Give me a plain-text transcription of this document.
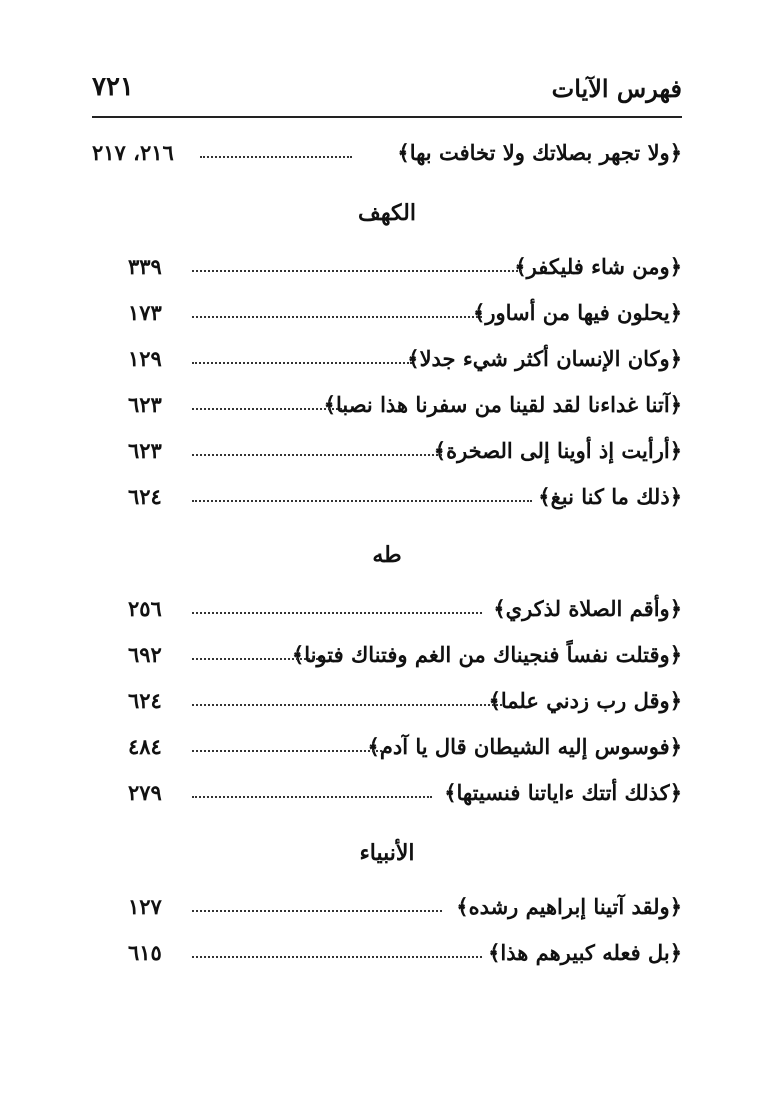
٧٢١	فهرس الآيات
﴿ولا تجهر بصلاتك ولا تخافت بها﴾
٢١٦، ٢١٧
الكهف
﴿ومن شاء فليكفر﴾
٣٣٩
﴿يحلون فيها من أساور﴾
١٧٣
﴿وكان الإنسان أكثر شيء جدلا﴾
١٢٩
﴿آتنا غداءنا لقد لقينا من سفرنا هذا نصبا﴾
٦٢٣
﴿أرأيت إذ أوينا إلى الصخرة﴾
٦٢٣
﴿ذلك ما كنا نبغ﴾
٦٢٤
طه
﴿وأقم الصلاة لذكري﴾
٢٥٦
﴿وقتلت نفساً فنجيناك من الغم وفتناك فتونا﴾
٦٩٢
﴿وقل رب زدني علما﴾
٦٢٤
﴿فوسوس إليه الشيطان قال يا آدم﴾
٤٨٤
﴿كذلك أتتك ءاياتنا فنسيتها﴾
٢٧٩
الأنبياء
﴿ولقد آتينا إبراهيم رشده﴾
١٢٧
﴿بل فعله كبيرهم هذا﴾
٦١٥
